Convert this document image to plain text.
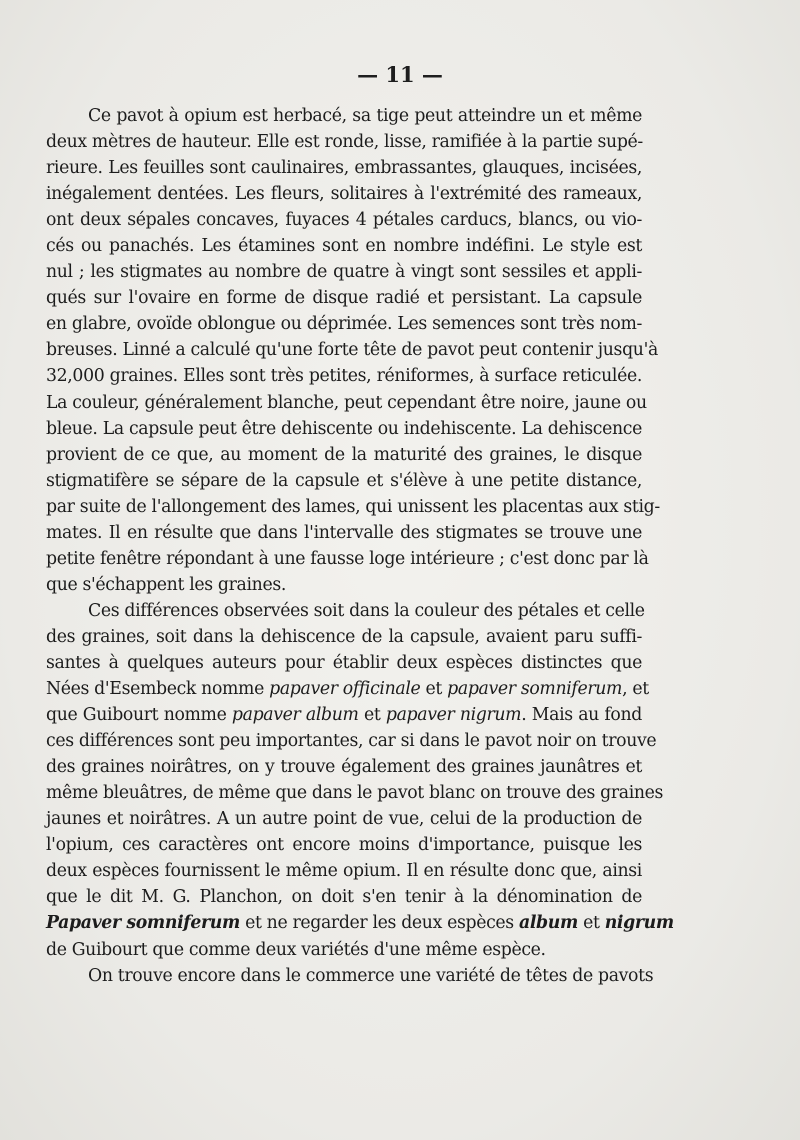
— 11 —
Ce pavot à opium est herbacé, sa tige peut atteindre un et même
deux mètres de hauteur. Elle est ronde, lisse, ramifiée à la partie supé-
rieure. Les feuilles sont caulinaires, embrassantes, glauques, incisées,
inégalement dentées. Les fleurs, solitaires à l'extrémité des rameaux,
ont deux sépales concaves, fuyaces 4 pétales carducs, blancs, ou vio-
cés ou panachés. Les étamines sont en nombre indéfini. Le style est
nul ; les stigmates au nombre de quatre à vingt sont sessiles et appli-
qués sur l'ovaire en forme de disque radié et persistant. La capsule
en glabre, ovoïde oblongue ou déprimée. Les semences sont très nom-
breuses. Linné a calculé qu'une forte tête de pavot peut contenir jusqu'à
32,000 graines. Elles sont très petites, réniformes, à surface reticulée.
La couleur, généralement blanche, peut cependant être noire, jaune ou
bleue. La capsule peut être dehiscente ou indehiscente. La dehiscence
provient de ce que, au moment de la maturité des graines, le disque
stigmatifère se sépare de la capsule et s'élève à une petite distance,
par suite de l'allongement des lames, qui unissent les placentas aux stig-
mates. Il en résulte que dans l'intervalle des stigmates se trouve une
petite fenêtre répondant à une fausse loge intérieure ; c'est donc par là
que s'échappent les graines.
Ces différences observées soit dans la couleur des pétales et celle
des graines, soit dans la dehiscence de la capsule, avaient paru suffi-
santes à quelques auteurs pour établir deux espèces distinctes que
Nées d'Esembeck nomme papaver officinale et papaver somniferum, et
que Guibourt nomme papaver album et papaver nigrum. Mais au fond
ces différences sont peu importantes, car si dans le pavot noir on trouve
des graines noirâtres, on y trouve également des graines jaunâtres et
même bleuâtres, de même que dans le pavot blanc on trouve des graines
jaunes et noirâtres. A un autre point de vue, celui de la production de
l'opium, ces caractères ont encore moins d'importance, puisque les
deux espèces fournissent le même opium. Il en résulte donc que, ainsi
que le dit M. G. Planchon, on doit s'en tenir à la dénomination de
Papaver somniferum et ne regarder les deux espèces album et nigrum
de Guibourt que comme deux variétés d'une même espèce.
On trouve encore dans le commerce une variété de têtes de pavots
